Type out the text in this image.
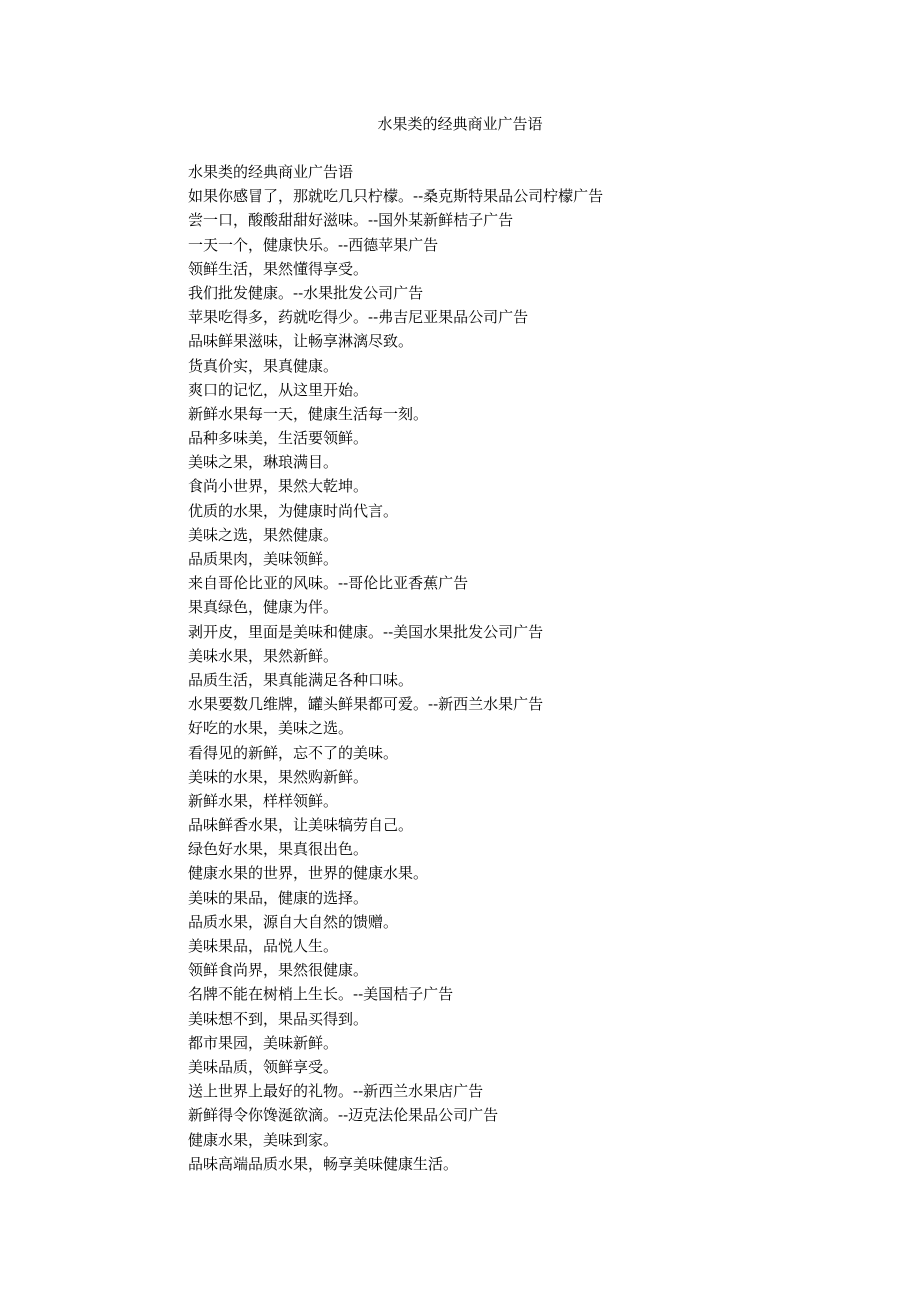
水果类的经典商业广告语
水果类的经典商业广告语
如果你感冒了，那就吃几只柠檬。--桑克斯特果品公司柠檬广告
尝一口，酸酸甜甜好滋味。--国外某新鲜桔子广告
一天一个，健康快乐。--西德苹果广告
领鲜生活，果然懂得享受。
我们批发健康。--水果批发公司广告
苹果吃得多，药就吃得少。--弗吉尼亚果品公司广告
品味鲜果滋味，让畅享淋漓尽致。
货真价实，果真健康。
爽口的记忆，从这里开始。
新鲜水果每一天，健康生活每一刻。
品种多味美，生活要领鲜。
美味之果，琳琅满目。
食尚小世界，果然大乾坤。
优质的水果，为健康时尚代言。
美味之选，果然健康。
品质果肉，美味领鲜。
来自哥伦比亚的风味。--哥伦比亚香蕉广告
果真绿色，健康为伴。
剥开皮，里面是美味和健康。--美国水果批发公司广告
美味水果，果然新鲜。
品质生活，果真能满足各种口味。
水果要数几维牌，罐头鲜果都可爱。--新西兰水果广告
好吃的水果，美味之选。
看得见的新鲜，忘不了的美味。
美味的水果，果然购新鲜。
新鲜水果，样样领鲜。
品味鲜香水果，让美味犒劳自己。
绿色好水果，果真很出色。
健康水果的世界，世界的健康水果。
美味的果品，健康的选择。
品质水果，源自大自然的馈赠。
美味果品，品悦人生。
领鲜食尚界，果然很健康。
名牌不能在树梢上生长。--美国桔子广告
美味想不到，果品买得到。
都市果园，美味新鲜。
美味品质，领鲜享受。
送上世界上最好的礼物。--新西兰水果店广告
新鲜得令你馋涎欲滴。--迈克法伦果品公司广告
健康水果，美味到家。
品味高端品质水果，畅享美味健康生活。
